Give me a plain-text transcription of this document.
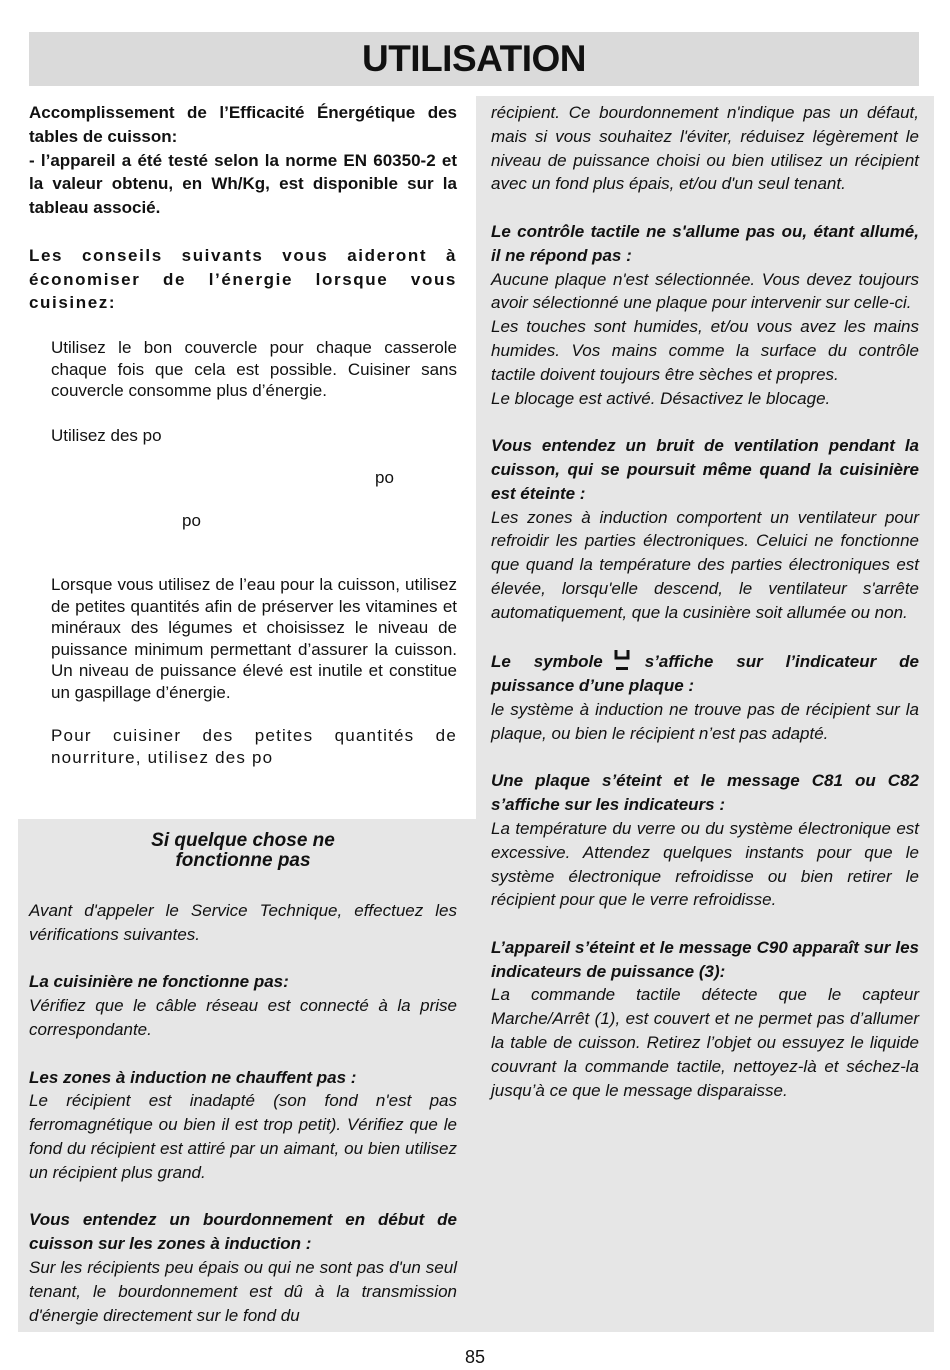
UTILISATION

Accomplissement de l’Efficacité Énergétique des tables de cuisson:

- l’appareil a été testé selon la norme EN 60350-2 et la valeur obtenu, en Wh/Kg, est disponible sur la tableau associé.

Les conseils suivants vous aideront à économiser de l’énergie lorsque vous cuisinez:

Utilisez le bon couvercle pour chaque casserole chaque fois que cela est possible. Cuisiner sans couvercle consomme plus d’énergie.

Utilisez des po

po

po

Lorsque vous utilisez de l’eau pour la cuisson, utilisez de petites quantités afin de préserver les vitamines et minéraux des légumes et choisissez le niveau de puissance minimum permettant d’assurer la cuisson. Un niveau de puissance élevé est inutile et constitue un gaspillage d’énergie.

Pour cuisiner des petites quantités de nourriture, utilisez des po

Si quelque chose ne
fonctionne pas

Avant d'appeler le Service Technique, effectuez les vérifications suivantes.

La cuisinière ne fonctionne pas:

Vérifiez que le câble réseau est connecté à la prise correspondante.

Les zones à induction ne chauffent pas :

Le récipient est inadapté (son fond n'est pas ferromagnétique ou bien il est trop petit). Vérifiez que le fond du récipient est attiré par un aimant, ou bien utilisez un récipient plus grand.

Vous entendez un bourdonnement en début de cuisson sur les zones à induction :

Sur les récipients peu épais ou qui ne sont pas d'un seul tenant, le bourdonnement est dû à la transmission d'énergie directement sur le fond du

récipient. Ce bourdonnement n'indique pas un défaut, mais si vous souhaitez l'éviter, réduisez légèrement le niveau de puissance choisi ou bien utilisez un récipient avec un fond plus épais, et/ou d'un seul tenant.

Le contrôle tactile ne s'allume pas ou, étant allumé, il ne répond pas :

Aucune plaque n'est sélectionnée. Vous devez toujours avoir sélectionné une plaque pour intervenir sur celle-ci.

Les touches sont humides, et/ou vous avez les mains humides. Vos mains comme la surface du contrôle tactile doivent toujours être sèches et propres.

Le blocage est activé. Désactivez le blocage.

Vous entendez un bruit de ventilation pendant la cuisson, qui se poursuit même quand la cuisinière est éteinte :

Les zones à induction comportent un ventilateur pour refroidir les parties électroniques. Celuici ne fonctionne que quand la température des parties électroniques est élevée, lorsqu'elle descend, le ventilateur s'arrête automatiquement, que la cusinière soit allumée ou non.

Le symbole s’affiche sur l’indicateur de puissance d’une plaque :

le système à induction ne trouve pas de récipient sur la plaque, ou bien le récipient n’est pas adapté.

Une plaque s’éteint et le message C81 ou C82 s’affiche sur les indicateurs :

La température du verre ou du système électronique est excessive. Attendez quelques instants pour que le système électronique refroidisse ou bien retirer le récipient pour que le verre refroidisse.

L’appareil s’éteint et le message C90 apparaît sur les indicateurs de puissance (3):

La commande tactile détecte que le capteur Marche/Arrêt (1), est couvert et ne permet pas d’allumer la table de cuisson. Retirez l’objet ou essuyez le liquide couvrant la commande tactile, nettoyez-là et séchez-la jusqu’à ce que le message disparaisse.

85
